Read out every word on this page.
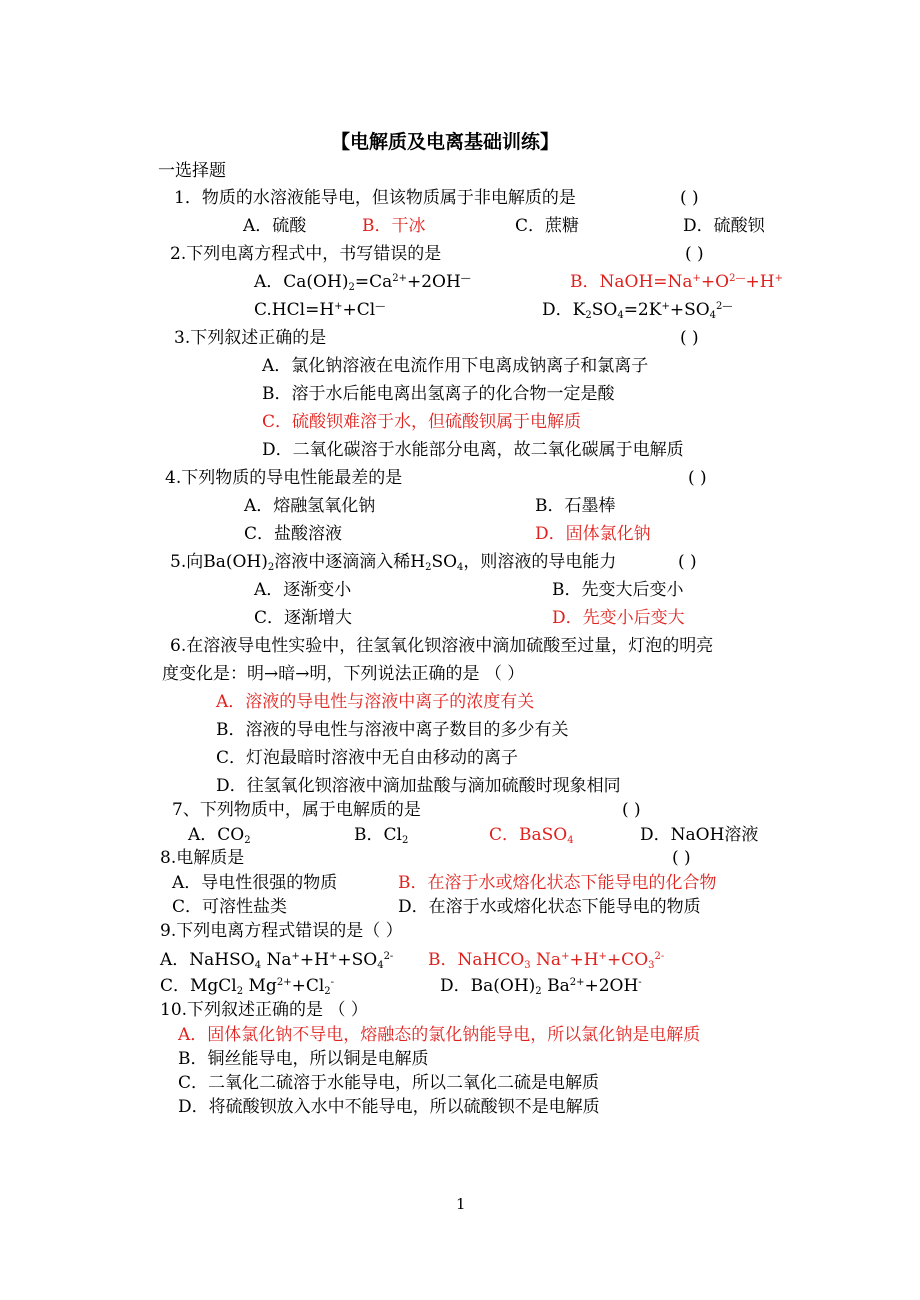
【电解质及电离基础训练】
一选择题
1．物质的水溶液能导电，但该物质属于非电解质的是	( )
A．硫酸	B．干冰	C．蔗糖	D．硫酸钡
2.下列电离方程式中，书写错误的是	( )
A．$Ca(OH)_2=Ca^{2+}+2OH^—$	B．$NaOH=Na^++O^{2—}+H^+$
C.HCl=H++Cl—	D．$K_2SO_4=2K^++SO_4^{2—}$
3.下列叙述正确的是	( )
A．氯化钠溶液在电流作用下电离成钠离子和氯离子
B．溶于水后能电离出氢离子的化合物一定是酸
C．硫酸钡难溶于水，但硫酸钡属于电解质
D．二氧化碳溶于水能部分电离，故二氧化碳属于电解质
4.下列物质的导电性能最差的是	( )
A．熔融氢氧化钠	B．石墨棒
C．盐酸溶液	D．固体氯化钠
5.向$Ba(OH)_2$溶液中逐滴滴入稀$H_2SO_4$，则溶液的导电能力	( )
A．逐渐变小	B．先变大后变小
C．逐渐增大	D．先变小后变大
6.在溶液导电性实验中，往氢氧化钡溶液中滴加硫酸至过量，灯泡的明亮
度变化是：明→暗→明，下列说法正确的是 （ ）
A．溶液的导电性与溶液中离子的浓度有关
B．溶液的导电性与溶液中离子数目的多少有关
C．灯泡最暗时溶液中无自由移动的离子
D．往氢氧化钡溶液中滴加盐酸与滴加硫酸时现象相同
7、下列物质中，属于电解质的是	( )
A．$CO_2$	B．$Cl_2$	C．BaSO$_4$	D．NaOH溶液
8.电解质是	( )
A．导电性很强的物质	B．在溶于水或熔化状态下能导电的化合物
C．可溶性盐类	D．在溶于水或熔化状态下能导电的物质
9.下列电离方程式错误的是（ ）
A．NaHSO$_4$ $Na^++H^++SO_4^{2-}$ B．NaHCO$_3$ $Na^++H^++CO_3^{2-}$
C．MgCl$_2$ $Mg^{2+}+Cl_2^-$	D．$Ba(OH)_2$ $Ba^{2+}+2OH^-$
10.下列叙述正确的是 （ ）
A．固体氯化钠不导电，熔融态的氯化钠能导电，所以氯化钠是电解质
B．铜丝能导电，所以铜是电解质
C．二氧化二硫溶于水能导电，所以二氧化二硫是电解质
D．将硫酸钡放入水中不能导电，所以硫酸钡不是电解质
1
